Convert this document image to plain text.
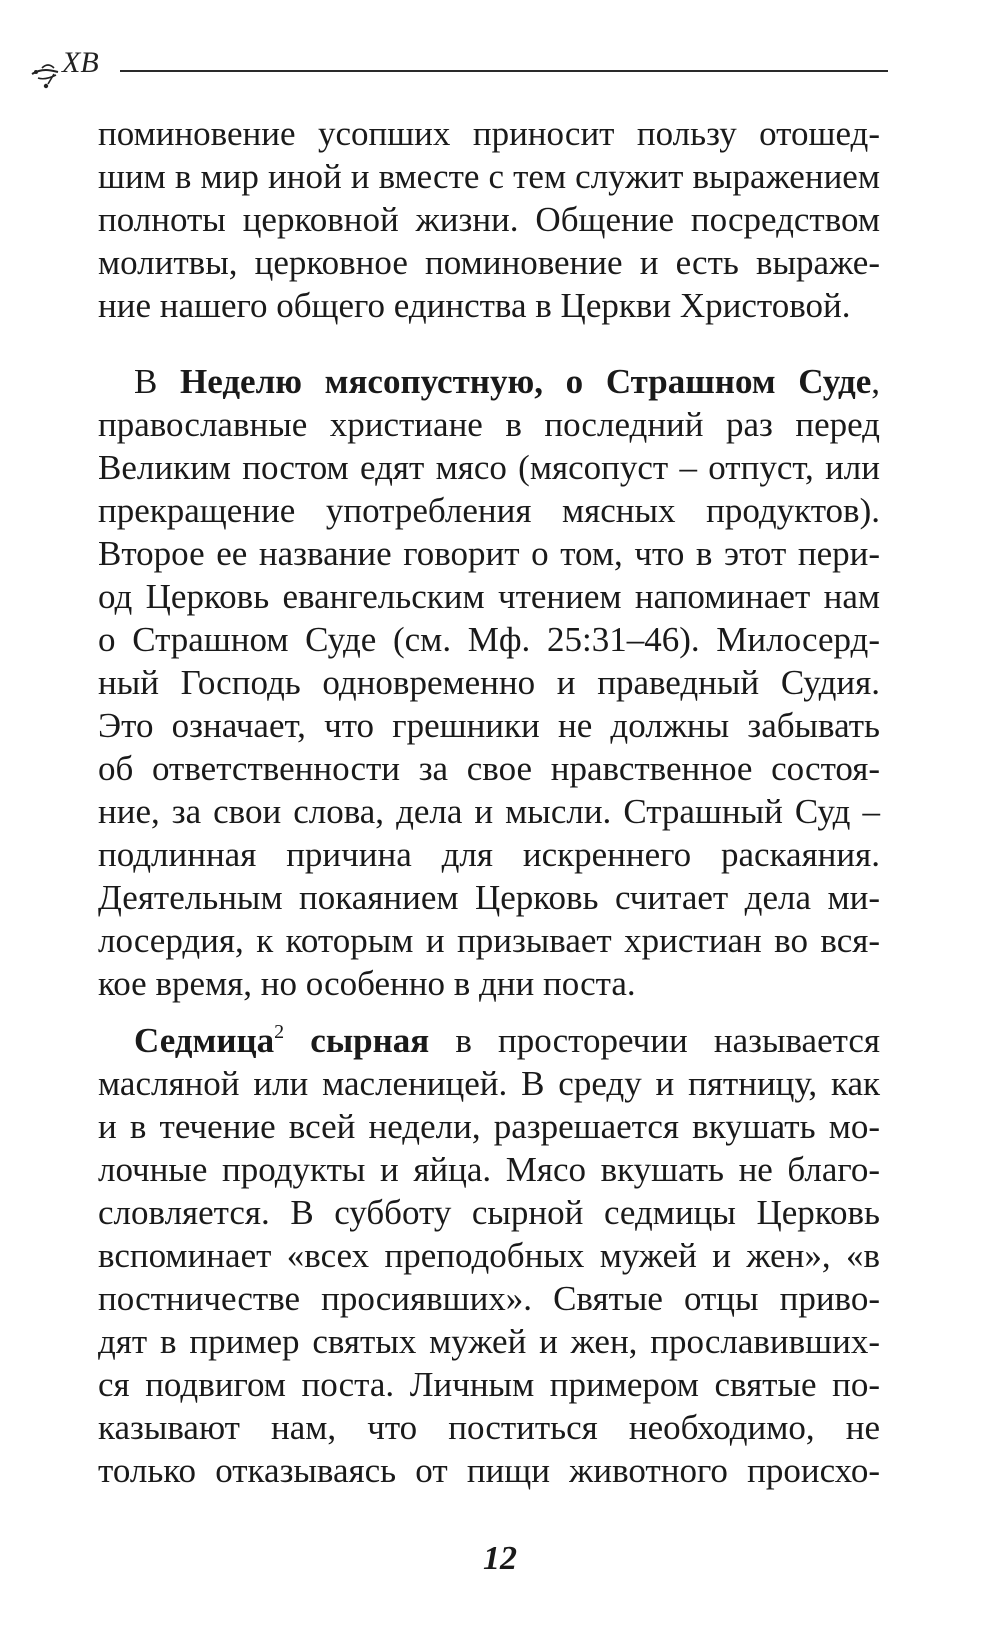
ХВ
поминовение усопших приносит пользу отошед-
шим в мир иной и вместе с тем служит выражением
полноты церковной жизни. Общение посредством
молитвы, церковное поминовение и есть выраже-
ние нашего общего единства в Церкви Христовой.
В Неделю мясопустную, о Страшном Суде,
православные христиане в последний раз перед
Великим постом едят мясо (мясопуст – отпуст, или
прекращение употребления мясных продуктов).
Второе ее название говорит о том, что в этот пери-
од Церковь евангельским чтением напоминает нам
о Страшном Суде (см. Мф. 25:31–46). Милосерд-
ный Господь одновременно и праведный Судия.
Это означает, что грешники не должны забывать
об ответственности за свое нравственное состоя-
ние, за свои слова, дела и мысли. Страшный Суд –
подлинная причина для искреннего раскаяния.
Деятельным покаянием Церковь считает дела ми-
лосердия, к которым и призывает христиан во вся-
кое время, но особенно в дни поста.
Седмица$^2$ сырная в просторечии называется
масляной или масленицей. В среду и пятницу, как
и в течение всей недели, разрешается вкушать мо-
лочные продукты и яйца. Мясо вкушать не благо-
словляется. В субботу сырной седмицы Церковь
вспоминает «всех преподобных мужей и жен», «в
постничестве просиявших». Святые отцы приво-
дят в пример святых мужей и жен, прославивших-
ся подвигом поста. Личным примером святые по-
казывают нам, что поститься необходимо, не
только отказываясь от пищи животного происхо-
12
